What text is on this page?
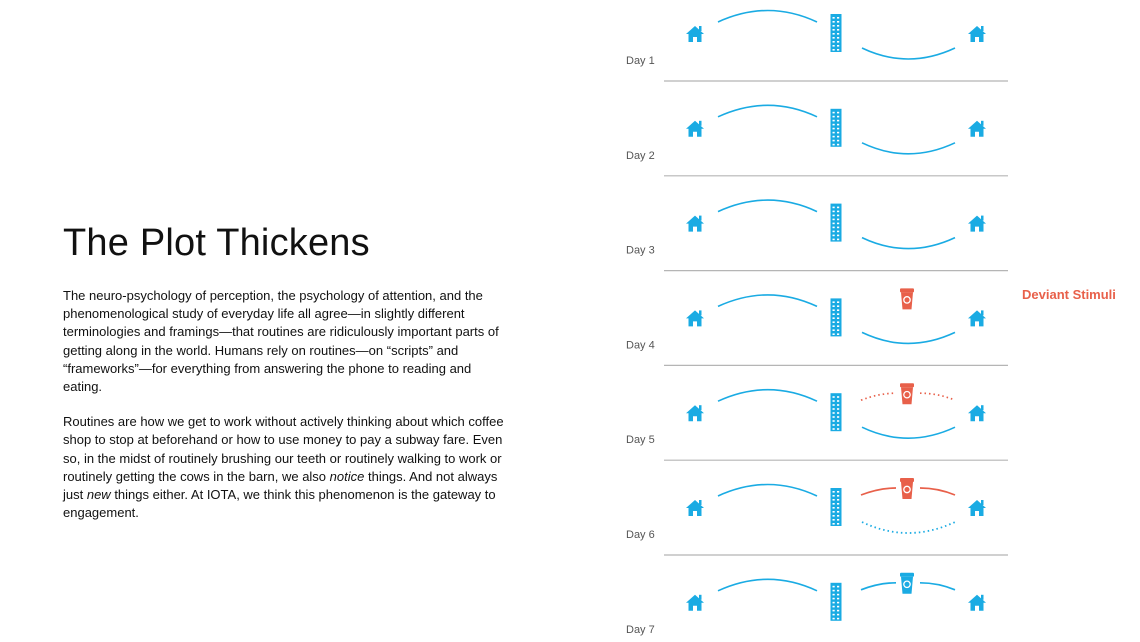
The Plot Thickens

The neuro-psychology of perception, the psychology of attention, and the phenomenological study of everyday life all agree—in slightly different terminologies and framings—that routines are ridiculously important parts of getting along in the world. Humans rely on routines—on “scripts” and “frameworks”—for everything from answering the phone to reading and eating.

Routines are how we get to work without actively thinking about which coffee shop to stop at beforehand or how to use money to pay a subway fare. Even so, in the midst of routinely brushing our teeth or routinely walking to work or routinely getting the cows in the barn, we also notice things. And not always just new things either. At IOTA, we think this phenomenon is the gateway to engagement.

Day 1
Day 2
Day 3
Day 4
Day 5
Day 6
Day 7
Deviant Stimuli
